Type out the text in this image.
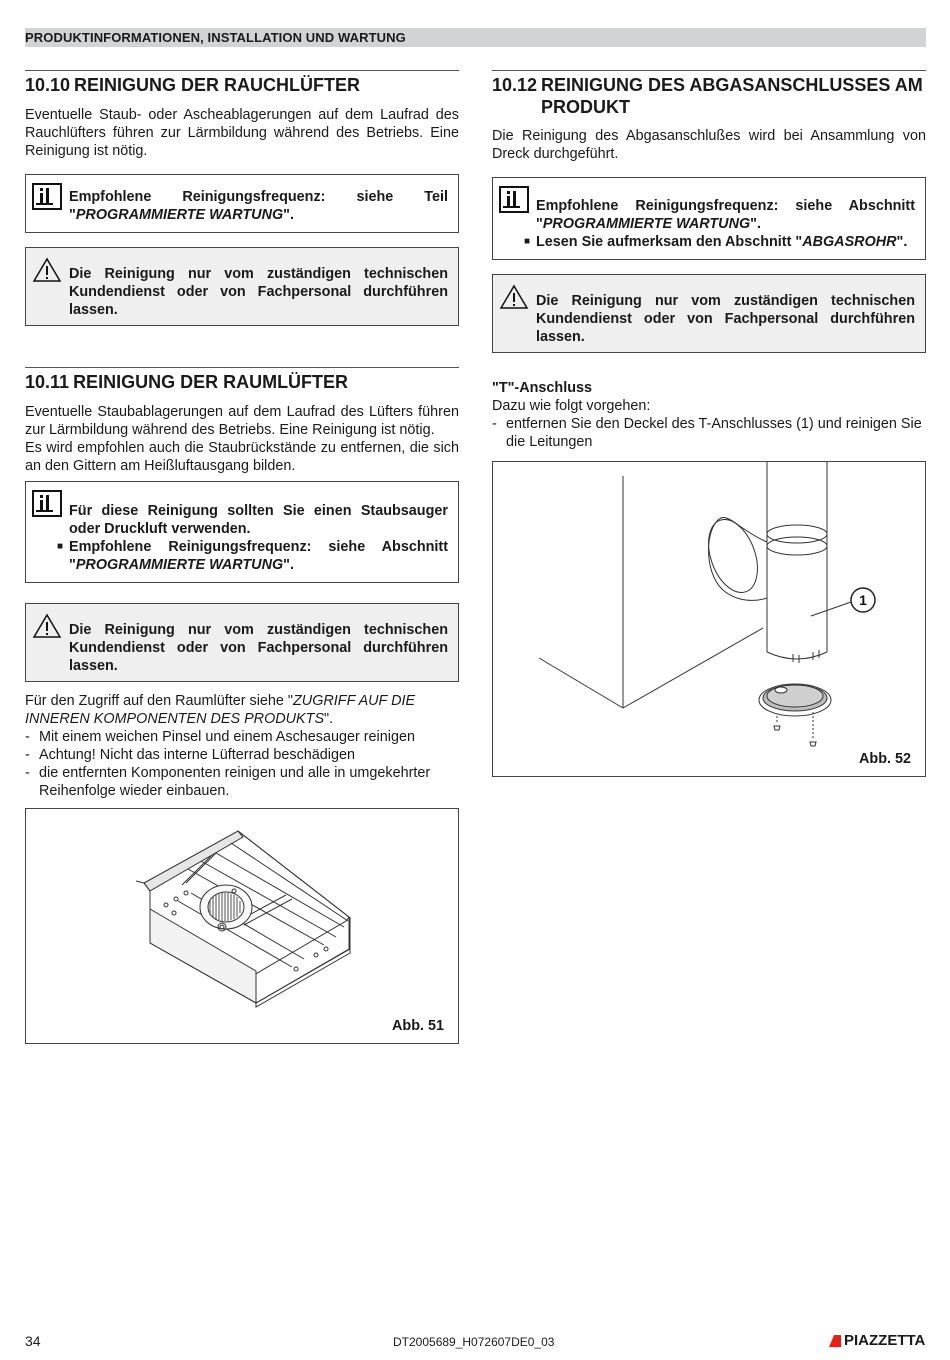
PRODUKTINFORMATIONEN, INSTALLATION UND WARTUNG
10.10 REINIGUNG DER RAUCHLÜFTER

Eventuelle Staub- oder Ascheablagerungen auf dem Laufrad des Rauchlüfters führen zur Lärmbildung während des Betriebs. Eine Reinigung ist nötig.

Empfohlene Reinigungsfrequenz: siehe Teil "PROGRAMMIERTE WARTUNG".
Die Reinigung nur vom zuständigen technischen Kundendienst oder von Fachpersonal durchführen lassen.
10.11 REINIGUNG DER RAUMLÜFTER

Eventuelle Staubablagerungen auf dem Laufrad des Lüfters führen zur Lärmbildung während des Betriebs. Eine Reinigung ist nötig.

Es wird empfohlen auch die Staubrückstände zu entfernen, die sich an den Gittern am Heißluftausgang bilden.

Für diese Reinigung sollten Sie einen Staubsauger oder Druckluft verwenden.
■ Empfohlene Reinigungsfrequenz: siehe Abschnitt "PROGRAMMIERTE WARTUNG".
Die Reinigung nur vom zuständigen technischen Kundendienst oder von Fachpersonal durchführen lassen.

Für den Zugriff auf den Raumlüfter siehe "ZUGRIFF AUF DIE INNEREN KOMPONENTEN DES PRODUKTS".

- Mit einem weichen Pinsel und einem Aschesauger reinigen
- Achtung! Nicht das interne Lüfterrad beschädigen
- die entfernten Komponenten reinigen und alle in umgekehrter Reihenfolge wieder einbauen.
Abb. 51
10.12 REINIGUNG DES ABGASANSCHLUSSES AM PRODUKT

Die Reinigung des Abgasanschlußes wird bei Ansammlung von Dreck durchgeführt.

Empfohlene Reinigungsfrequenz: siehe Abschnitt "PROGRAMMIERTE WARTUNG".
■ Lesen Sie aufmerksam den Abschnitt "ABGASROHR".
Die Reinigung nur vom zuständigen technischen Kundendienst oder von Fachpersonal durchführen lassen.
"T"-Anschluss

Dazu wie folgt vorgehen:

- entfernen Sie den Deckel des T-Anschlusses (1) und reinigen Sie die Leitungen
1
Abb. 52
34	DT2005689_H072607DE0_03	PIAZZETTA
